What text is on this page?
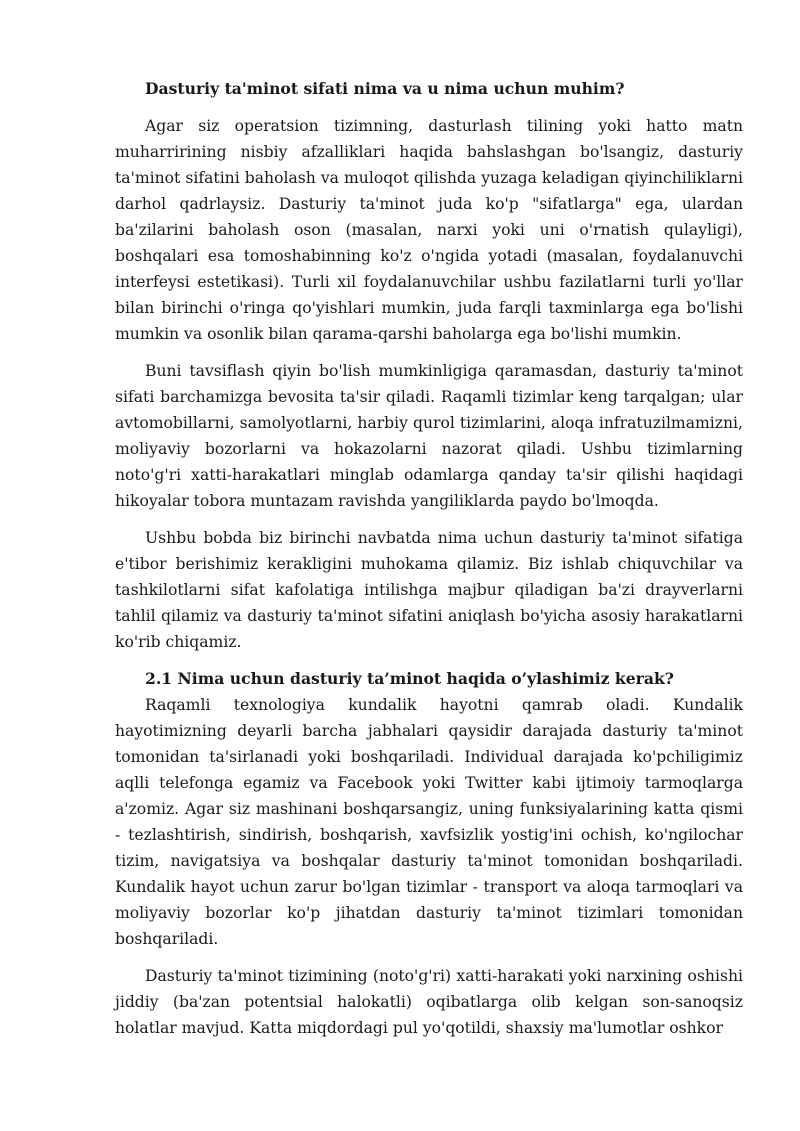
Dasturiy ta'minot sifati nima va u nima uchun muhim?

Agar siz operatsion tizimning, dasturlash tilining yoki hatto matn muharririning nisbiy afzalliklari haqida bahslashgan bo'lsangiz, dasturiy ta'minot sifatini baholash va muloqot qilishda yuzaga keladigan qiyinchiliklarni darhol qadrlaysiz. Dasturiy ta'minot juda ko'p "sifatlarga" ega, ulardan ba'zilarini baholash oson (masalan, narxi yoki uni o'rnatish qulayligi), boshqalari esa tomoshabinning ko'z o'ngida yotadi (masalan, foydalanuvchi interfeysi estetikasi). Turli xil foydalanuvchilar ushbu fazilatlarni turli yo'llar bilan birinchi o'ringa qo'yishlari mumkin, juda farqli taxminlarga ega bo'lishi mumkin va osonlik bilan qarama-qarshi baholarga ega bo'lishi mumkin.

Buni tavsiflash qiyin bo'lish mumkinligiga qaramasdan, dasturiy ta'minot sifati barchamizga bevosita ta'sir qiladi. Raqamli tizimlar keng tarqalgan; ular avtomobillarni, samolyotlarni, harbiy qurol tizimlarini, aloqa infratuzilmamizni, moliyaviy bozorlarni va hokazolarni nazorat qiladi. Ushbu tizimlarning noto'g'ri xatti-harakatlari minglab odamlarga qanday ta'sir qilishi haqidagi hikoyalar tobora muntazam ravishda yangiliklarda paydo bo'lmoqda.

Ushbu bobda biz birinchi navbatda nima uchun dasturiy ta'minot sifatiga e'tibor berishimiz kerakligini muhokama qilamiz. Biz ishlab chiquvchilar va tashkilotlarni sifat kafolatiga intilishga majbur qiladigan ba'zi drayverlarni tahlil qilamiz va dasturiy ta'minot sifatini aniqlash bo'yicha asosiy harakatlarni ko'rib chiqamiz.

2.1 Nima uchun dasturiy ta’minot haqida o’ylashimiz kerak?

Raqamli texnologiya kundalik hayotni qamrab oladi. Kundalik hayotimizning deyarli barcha jabhalari qaysidir darajada dasturiy ta'minot tomonidan ta'sirlanadi yoki boshqariladi. Individual darajada ko'pchiligimiz aqlli telefonga egamiz va Facebook yoki Twitter kabi ijtimoiy tarmoqlarga a'zomiz. Agar siz mashinani boshqarsangiz, uning funksiyalarining katta qismi - tezlashtirish, sindirish, boshqarish, xavfsizlik yostig'ini ochish, ko'ngilochar tizim, navigatsiya va boshqalar dasturiy ta'minot tomonidan boshqariladi. Kundalik hayot uchun zarur bo'lgan tizimlar - transport va aloqa tarmoqlari va moliyaviy bozorlar ko'p jihatdan dasturiy ta'minot tizimlari tomonidan boshqariladi.

Dasturiy ta'minot tizimining (noto'g'ri) xatti-harakati yoki narxining oshishi jiddiy (ba'zan potentsial halokatli) oqibatlarga olib kelgan son-sanoqsiz holatlar mavjud. Katta miqdordagi pul yo'qotildi, shaxsiy ma'lumotlar oshkor
